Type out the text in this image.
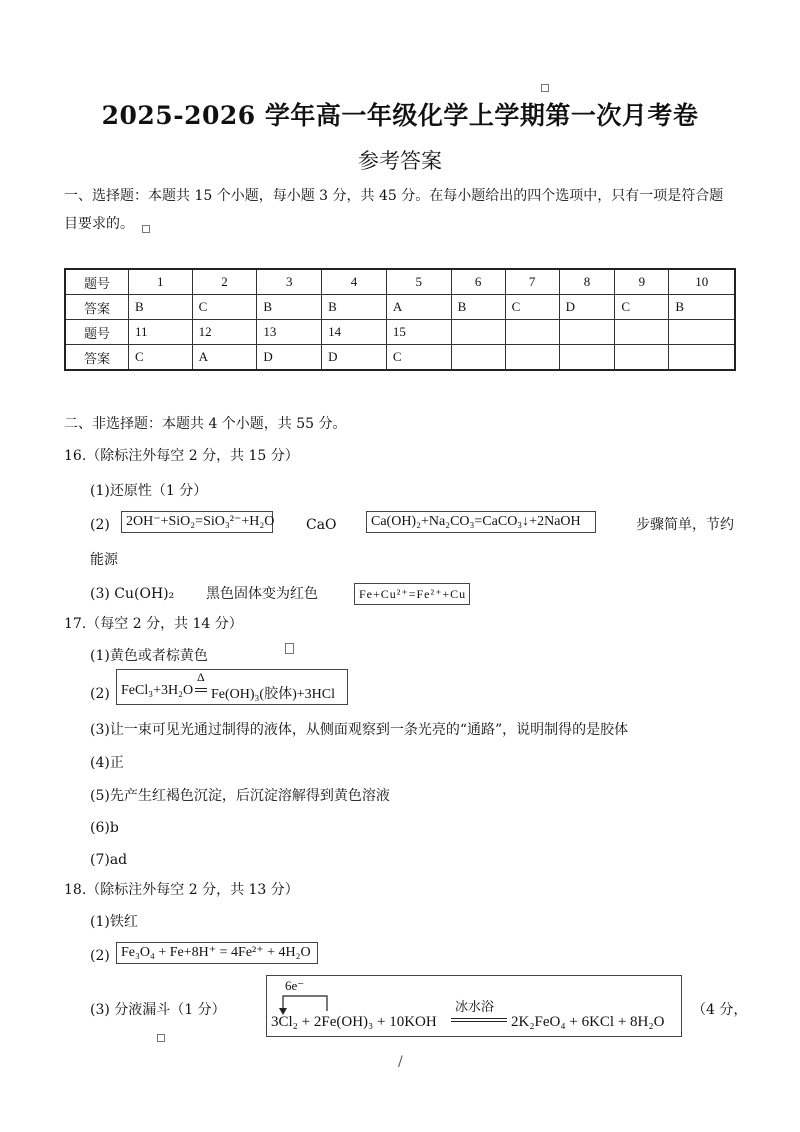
2025-2026 学年高一年级化学上学期第一次月考卷
参考答案
一、选择题：本题共 15 个小题，每小题 3 分，共 45 分。在每小题给出的四个选项中，只有一项是符合题
目要求的。
题号	1	2	3	4	5	6	7	8	9	10
答案	B	C	B	B	A	B	C	D	C	B
题号	11	12	13	14	15					
答案	C	A	D	D	C					
二、非选择题：本题共 4 个小题，共 55 分。
16.（除标注外每空 2 分，共 15 分）
(1)还原性（1 分）
(2)	2OH⁻+SiO₂=SiO₃²⁻+H₂O CaO	Ca(OH)₂+Na₂CO₃=CaCO₃↓+2NaOH	步骤简单，节约
能源
(3) Cu(OH)₂ 黑色固体变为红色	Fe+Cu²⁺=Fe²⁺+Cu
17.（每空 2 分，共 14 分）
(1)黄色或者棕黄色
(2) FeCl₃+3H₂O
Δ
Fe(OH)₃(胶体)+3HCl
(3)让一束可见光通过制得的液体，从侧面观察到一条光亮的“通路”，说明制得的是胶体
(4)正
(5)先产生红褐色沉淀，后沉淀溶解得到黄色溶液
(6)b
(7)ad
18.（除标注外每空 2 分，共 13 分）
(1)铁红
(2) Fe₃O₄ + Fe+8H⁺ = 4Fe²⁺ + 4H₂O
(3) 分液漏斗（1 分）
6e⁻
3Cl₂ + 2Fe(OH)₃ + 10KOH
冰水浴
2K₂FeO₄ + 6KCl + 8H₂O
（4 分，
/
